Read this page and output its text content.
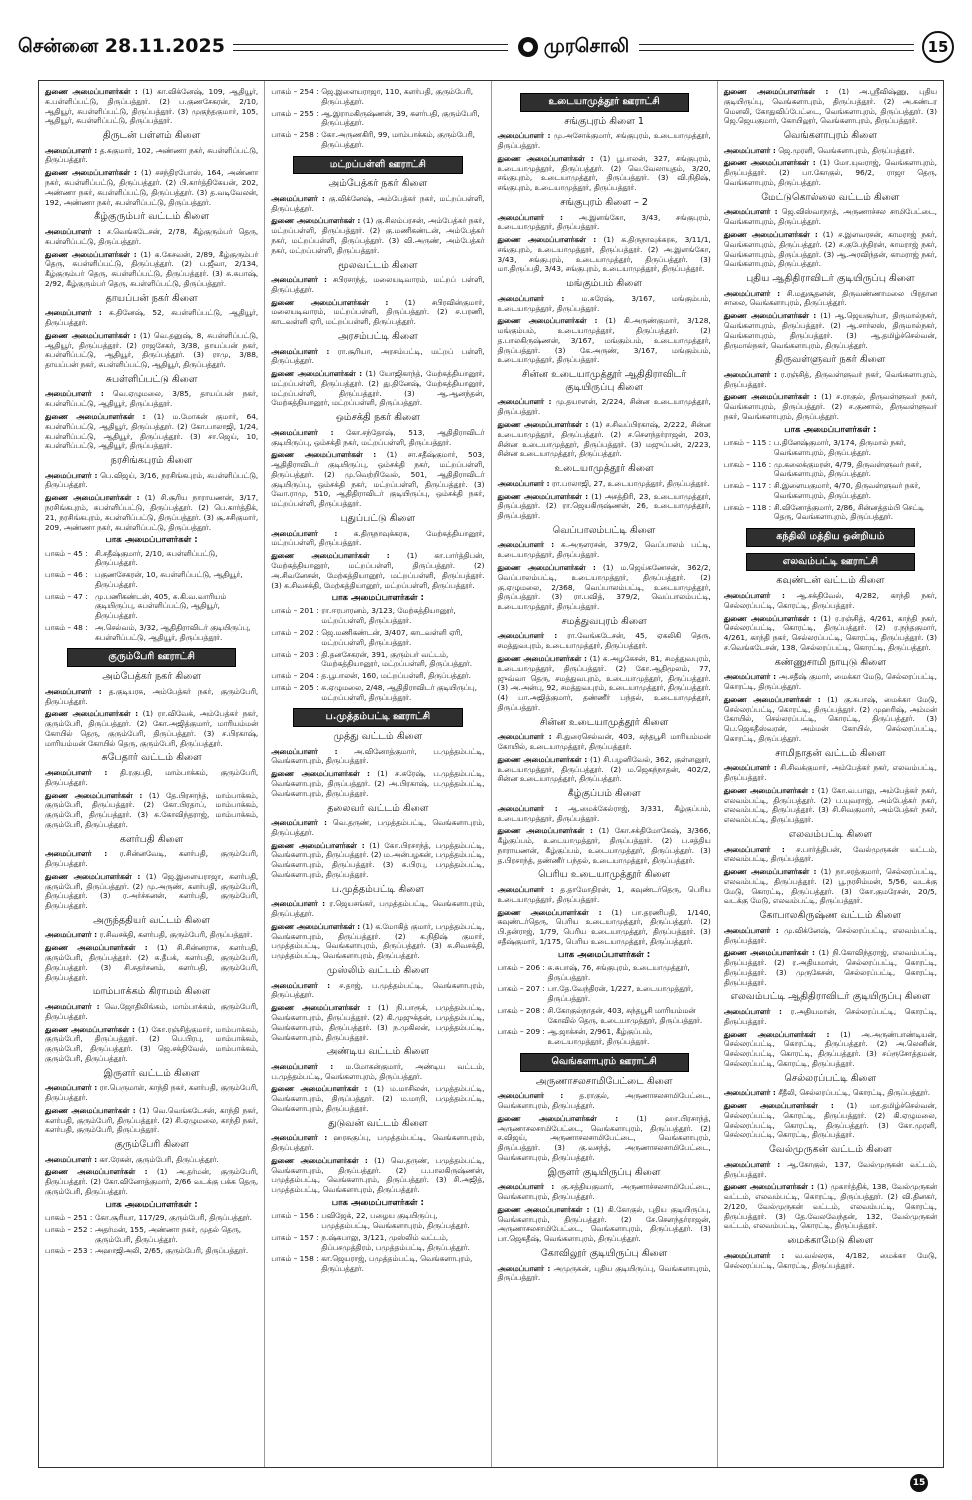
சென்னை 28.11.2025	முரசொலி	15
துணை அமைப்பாளர்கள் : (1) கா.விக்னேஷ், 109, ஆதியூர், சு.பள்ளிப்பட்டு, திருப்பத்தூர். (2) ப.குணசேகரன், 2/10, ஆதியூர், சுபள்ளிப்பட்டு, திருப்பத்தூர். (3) முகுந்தகுமார், 105, ஆதியூர், சுபள்ளிப்பட்டு, திருப்பத்தூர்.
திருடன் பள்ளம் கிளை
அமைப்பாளர் : த.சுகுமார், 102, அண்ணா நகர், சுபள்ளிப்பட்டு, திருப்பத்தூர்.
துணை அமைப்பாளர்கள் : (1) சசந்திரபோஸ், 164, அண்ணா நகர், சுபள்ளிப்பட்டு, திருப்பத்தூர். (2) பி.கார்த்திகேயன், 202, அண்ணா நகர், சுபள்ளிப்பட்டு, திருப்பத்தூர். (3) த.வடிவேலன், 192, அண்ணா நகர், சுபள்ளிப்பட்டு, திருப்பத்தூர்.
கீழ்குரும்பர் வட்டம் கிளை
அமைப்பாளர் : ச.வெங்கடேசன், 2/78, கீழ்குரும்பர் தெரு, சுபள்ளிப்பட்டு, திருப்பத்தூர்.
துணை அமைப்பாளர்கள் : (1) க.கேசவன், 2/89, கீழ்குரும்பர் தெரு, சுபள்ளிப்பட்டு, திருப்பத்தூர். (2) ப.ஜீவா, 2/134, கீழ்குரும்பர் தெரு, சுபள்ளிப்பட்டு, திருப்பத்தூர். (3) சு.சுபாஷ், 2/92, கீழ்குரும்பர் தெரு, சுபள்ளிப்பட்டு, திருப்பத்தூர்.
தாயப்பன் நகர் கிளை
அமைப்பாளர் : சு.தினேஷ், 52, சுபள்ளிப்பட்டு, ஆதியூர், திருப்பத்தூர்.
துணை அமைப்பாளர்கள் : (1) வெ.தனுஷ், 8, சுபள்ளிப்பட்டு, ஆதியூர், திருப்பத்தூர். (2) ராஜசேகர், 3/38, தாயப்பன் நகர், சுபள்ளிப்பட்டு, ஆதியூர், திருப்பத்தூர். (3) ராமு, 3/88, தாயப்பன் நகர், சுபள்ளிப்பட்டு, ஆதியூர், திருப்பத்தூர்.
சுபள்ளிப்பட்டு கிளை
அமைப்பாளர் : வெ.ஏழுமலை, 3/85, தாயப்பன் நகர், சுபள்ளிப்பட்டு, ஆதியூர், திருப்பத்தூர்.
துணை அமைப்பாளர்கள் : (1) ம.மோகன் குமார், 64, சுபள்ளிப்பட்டு, ஆதியூர், திருப்பத்தூர். (2) கோ.பாலாஜி, 1/24, சுபள்ளிப்பட்டு, ஆதியூர், திருப்பத்தூர். (3) சா.ஜெய், 10, சுபள்ளிப்பட்டு, ஆதியூர், திருப்பத்தூர்.
நரசிங்கபுரம் கிளை
அமைப்பாளர் : பெ.விஜய், 3/16, நரசிங்கபுரம், சுபள்ளிப்பட்டு, திருப்பத்தூர்.
துணை அமைப்பாளர்கள் : (1) சி.சூரிய நாராயணன், 3/17, நரசிங்கபுரம், சுபள்ளிப்பட்டு, திருப்பத்தூர். (2) பெ.கார்த்திக், 21, நரசிங்கபுரம், சுபள்ளிப்பட்டு, திருப்பத்தூர். (3) சூ.சசிகுமார், 209, அண்ணா நகர், சுபள்ளிப்பட்டு, திருப்பத்தூர்.
பாக அமைப்பாளர்கள் :
பாகம் – 45 : சி.சதீஷ்குமார், 2/10, சுபள்ளிப்பட்டு, திருப்பத்தூர்.
பாகம் – 46 : பகுணசேகரன், 10, சுபள்ளிப்பட்டு, ஆதியூர், திருப்பத்தூர்.
பாகம் – 47 : மு.பணிகண்டன், 405, சு.கி.வ.வாரியம் குடியிருப்பு, சுபள்ளிப்பட்டு, ஆதியூர், திருப்பத்தூர்.
பாகம் – 48 : அ.செல்வம், 3/32, ஆதிதிராவிடர் குடியிருப்பு, சுபள்ளிப்பட்டு, ஆதியூர், திருப்பத்தூர்.
குரும்பேரி ஊராட்சி
அம்பேத்கர் நகர் கிளை
அமைப்பாளர் : த.குடியரசு, அம்பேத்கர் நகர், குரும்பேரி, திருப்பத்தூர்.
துணை அமைப்பாளர்கள் : (1) ரா.விவேக், அம்பேத்கர் நகர், குரும்பேரி, திருப்பத்தூர். (2) கோ.அஜித்குமார், மாரியம்மன் கோயில் தெரு, குரும்பேரி, திருப்பத்தூர். (3) ச.பிரகாஷ், மாரியம்மன் கோயில் தெரு, குரும்பேரி, திருப்பத்தூர்.
சுபேதார் வட்டம் கிளை
அமைப்பாளர் : தி.ரகுபதி, மாம்பாக்கம், குரும்பேரி, திருப்பத்தூர்.
துணை அமைப்பாளர்கள் : (1) தே.பிரசாந்த், மாம்பாக்கம், குரும்பேரி, திருப்பத்தூர். (2) கோ.பிரதாப், மாம்பாக்கம், குரும்பேரி, திருப்பத்தூர். (3) சு.கோவிந்தராஜ், மாம்பாக்கம், குரும்பேரி, திருப்பத்தூர்.
களர்பதி கிளை
அமைப்பாளர் : ர.சின்னவேடி, களர்பதி, குரும்பேரி, திருப்பத்தூர்.
துணை அமைப்பாளர்கள் : (1) ஜெ.இளையராஜா, களர்பதி, குரும்பேரி, திருப்பத்தூர். (2) மு.அருண், களர்பதி, குரும்பேரி, திருப்பத்தூர். (3) ர.அர்ச்சுனன், களர்பதி, குரும்பேரி, திருப்பத்தூர்.
அருந்ததியர் வட்டம் கிளை
அமைப்பாளர் : ர.சிவசக்தி, களர்பதி, குரும்பேரி, திருப்பத்தூர்.
துணை அமைப்பாளர்கள் : (1) சி.சின்னராசு, களர்பதி, குரும்பேரி, திருப்பத்தூர். (2) க.தீபக், களர்பதி, குரும்பேரி, திருப்பத்தூர். (3) சி.சுதர்சனம், களர்பதி, குரும்பேரி, திருப்பத்தூர்.
மாம்பாக்கம் கிராமம் கிளை
அமைப்பாளர் : வெ.ஜோதிலிங்கம், மாம்பாக்கம், குரும்பேரி, திருப்பத்தூர்.
துணை அமைப்பாளர்கள் : (1) கோ.ரஞ்சித்குமார், மாம்பாக்கம், குரும்பேரி, திருப்பத்தூர். (2) பெ.பிரபு, மாம்பாக்கம், குரும்பேரி, திருப்பத்தூர். (3) ஜெ.சக்திவேல், மாம்பாக்கம், குரும்பேரி, திருப்பத்தூர்.
இருளர் வட்டம் கிளை
அமைப்பாளர் : ரா.பெருமாள், காந்தி நகர், களர்பதி, குரும்பேரி, திருப்பத்தூர்.
துணை அமைப்பாளர்கள் : (1) வெ.வெங்கடேசன், காந்தி நகர், களர்பதி, குரும்பேரி, திருப்பத்தூர். (2) சி.ஏழுமலை, காந்தி நகர், களர்பதி, குரும்பேரி, திருப்பத்தூர்.
குரும்பேரி கிளை
அமைப்பாளர் : கா.ரேகன், குரும்பேரி, திருப்பத்தூர்.
துணை அமைப்பாளர்கள் : (1) அ.தர்மன், குரும்பேரி, திருப்பத்தூர். (2) கோ.வினோத்குமார், 2/66 வடக்கு பக்க தெரு, குரும்பேரி, திருப்பத்தூர்.
பாக அமைப்பாளர்கள் :
பாகம் – 251 : கோ.சூரியா, 117/29, குரும்பேரி, திருப்பத்தூர்.
பாகம் – 252 : அதர்மன், 155, அண்ணா நகர், முதல் தெரு, குரும்பேரி, திருப்பத்தூர்.
பாகம் – 253 : அஹாஜிஅலி, 2/65, குரும்பேரி, திருப்பத்தூர்.
பாகம் – 254 : ஜெ.இளையராஜா, 110, களர்பதி, குரும்பேரி, திருப்பத்தூர்.
பாகம் – 255 : ஆ.இராமகிருஷ்ணன், 39, களர்பதி, குரும்பேரி, திருப்பத்தூர்.
பாகம் – 258 : கோ.அருணகிரி, 99, மாம்பாக்கம், குரும்பேரி, திருப்பத்தூர்.
மட்றப்பள்ளி ஊராட்சி
அம்பேத்கர் நகர் கிளை
அமைப்பாளர் : கு.விக்னேஷ், அம்பேத்கர் நகர், மட்றப்பள்ளி, திருப்பத்தூர்.
துணை அமைப்பாளர்கள் : (1) கு.சிலம்பரசன், அம்பேத்கர் நகர், மட்றப்பள்ளி, திருப்பத்தூர். (2) கு.மணிகண்டன், அம்பேத்கர் நகர், மட்றப்பள்ளி, திருப்பத்தூர். (3) வி.அருண், அம்பேத்கர் நகர், மட்றப்பள்ளி, திருப்பத்தூர்.
மூலவட்டம் கிளை
அமைப்பாளர் : சபிரசாந்த், மலையடிவாரம், மட்றப் பள்ளி, திருப்பத்தூர்.
துணை அமைப்பாளர்கள் : (1) சபிரவின்குமார், மலையடிவாரம், மட்றப்பள்ளி, திருப்பத்தூர். (2) ச.பரணி, காடவள்ளி ஏரி, மட்றப்பள்ளி, திருப்பத்தூர்.
அரசம்பட்டி கிளை
அமைப்பாளர் : ரா.சூரியா, அரசம்பட்டி, மட்றப் பள்ளி, திருப்பத்தூர்.
துணை அமைப்பாளர்கள் : (1) யோஜிகாந்த், மேற்கத்தியானூர், மட்றப்பள்ளி, திருப்பத்தூர். (2) து.தினேஷ், மேற்கத்தியானூர், மட்றப்பள்ளி, திருப்பத்தூர். (3) ஆ.ஆனந்தன், மேற்கத்தியானூர், மட்றப்பள்ளி, திருப்பத்தூர்.
ஒம்சக்தி நகர் கிளை
அமைப்பாளர் : கோ.சந்தோஷ், 513, ஆதிதிராவிடர் குடியிருப்பு, ஒம்சக்தி நகர், மட்றப்பள்ளி, திருப்பத்தூர்.
துணை அமைப்பாளர்கள் : (1) சா.சதீஷ்குமார், 503, ஆதிதிராவிடர் குடியிருப்பு, ஒம்சக்தி நகர், மட்றப்பள்ளி, திருப்பத்தூர். (2) மு.வெற்றிவேல், 501, ஆதிதிராவிடர் குடியிருப்பு, ஒம்சக்தி நகர், மட்றப்பள்ளி, திருப்பத்தூர். (3) வோ.ராமு, 510, ஆதிதிராவிடர் குடியிருப்பு, ஒம்சக்தி நகர், மட்றப்பள்ளி, திருப்பத்தூர்.
புதுப்பட்டு கிளை
அமைப்பாளர் : க.திருநாவுக்கரசு, மேற்கத்தியானூர், மட்றப்பள்ளி, திருப்பத்தூர்.
துணை அமைப்பாளர்கள் : (1) கா.பார்த்திபன், மேற்கத்தியானூர், மட்றப்பள்ளி, திருப்பத்தூர். (2) அ.சிவனேசன், மேற்கத்தியானூர், மட்றப்பள்ளி, திருப்பத்தூர். (3) சு.சிவசக்தி, மேற்கத்தியானூர், மட்றப்பள்ளி, திருப்பத்தூர்.
பாக அமைப்பாளர்கள் :
பாகம் – 201 : ரா.ஈரபாரனம், 3/123, மேற்கத்தியானூர், மட்றப்பள்ளி, திருப்பத்தூர்.
பாகம் – 202 : ஜெ.மணிகண்டன், 3/407, காடவள்ளி ஏரி, மட்றப்பள்ளி, திருப்பத்தூர்.
பாகம் – 203 : தி.தனசேகரன், 391, குரும்பர் வட்டம், மேற்கத்தியானூர், மட்றப்பள்ளி, திருப்பத்தூர்.
பாகம் – 204 : த.பூபாலன், 160, மட்றப்பள்ளி, திருப்பத்தூர்.
பாகம் – 205 : சு.ஏழுமலை, 2/48, ஆதிதிராவிடர் குடியிருப்பு, மட்றப்பள்ளி, திருப்பத்தூர்.
ப.முத்தம்பட்டி ஊராட்சி
முத்து வட்டம் கிளை
அமைப்பாளர் : அ.வினோத்குமார், ப.முத்தம்பட்டி, வெங்களாபுரம், திருப்பத்தூர்.
துணை அமைப்பாளர்கள் : (1) ச.சுரேஷ், ப.முத்தம்பட்டி, வெங்களாபுரம், திருப்பத்தூர். (2) அ.பிரகாஷ், ப.முத்தம்பட்டி, வெங்களாபுரம், திருப்பத்தூர்.
தலைவர் வட்டம் கிளை
அமைப்பாளர் : வெ.தருண், பமுத்தம்பட்டி, வெங்களாபுரம், திருப்பத்தூர்.
துணை அமைப்பாளர்கள் : (1) கோ.பிரசாந்த், பமுத்தம்பட்டி, வெங்களாபுரம், திருப்பத்தூர். (2) ம.அன்பழகன், பமுத்தம்பட்டி, வெங்களாபுரம், திருப்பத்தூர். (3) சு.பிரபு, பமுத்தம்பட்டி, வெங்களாபுரம், திருப்பத்தூர்.
ப.முத்தம்பட்டி கிளை
அமைப்பாளர் : ர.ஜெயசங்கர், பமுத்தம்பட்டி, வெங்களாபுரம், திருப்பத்தூர்.
துணை அமைப்பாளர்கள் : (1) க.மோகித் குமார், பமுத்தம்பட்டி, வெங்களாபுரம், திருப்பத்தூர். (2) க.நிதிஷ் குமார், பமுத்தம்பட்டி, வெங்களாபுரம், திருப்பத்தூர். (3) சு.சிவசக்தி, பமுத்தம்பட்டி, வெங்களாபுரம், திருப்பத்தூர்.
முஸ்லிம் வட்டம் கிளை
அமைப்பாளர் : ச.தாஜ், ப.முத்தம்பட்டி, வெங்களாபுரம், திருப்பத்தூர்.
துணை அமைப்பாளர்கள் : (1) நி.பாரூக், பமுத்தம்பட்டி, வெங்களாபுரம், திருப்பத்தூர். (2) கி.முஜுக்தன், பமுத்தம்பட்டி, வெங்களாபுரம், திருப்பத்தூர். (3) ந.முகிலன், பமுத்தம்பட்டி, வெங்களாபுரம், திருப்பத்தூர்.
அண்டிய வட்டம் கிளை
அமைப்பாளர் : ம.மோகன்குமார், அண்டிய வட்டம், ப.முத்தம்பட்டி, வெங்களாபுரம், திருப்பத்தூர்.
துணை அமைப்பாளர்கள் : (1) ம.மாசிலன், பமுத்தம்பட்டி, வெங்களாபுரம், திருப்பத்தூர். (2) ம.மாறி, பமுத்தம்பட்டி, வெங்களாபுரம், திருப்பத்தூர்.
துடுவன் வட்டம் கிளை
அமைப்பாளர் : ஹரசுகுப்பு, பமுத்தம்பட்டி, வெங்களாபுரம், திருப்பத்தூர்.
துணை அமைப்பாளர்கள் : (1) வெ.தருண், பமுத்தம்பட்டி, வெங்களாபுரம், திருப்பத்தூர். (2) ப.பாலகிருஷ்ணன், பமுத்தம்பட்டி, வெங்களாபுரம், திருப்பத்தூர். (3) சி.அஜித், பமுத்தம்பட்டி, வெங்களாபுரம், திருப்பத்தூர்.
பாக அமைப்பாளர்கள் :
பாகம் – 156 : பவிஜேக், 22, பழைய குடியிருப்பு, பமுத்தம்பட்டி, வெங்களாபுரம், திருப்பத்தூர்.
பாகம் – 157 : ந.ஷ்கபாலு, 3/121, முஸ்லிம் வட்டம், திப்பசமுத்திரம், பமுத்தம்பட்டி, திருப்பத்தூர்.
பாகம் – 158 : கா.ஜெயராஜ், பமுத்தம்பட்டி, வெங்களாபுரம், திருப்பத்தூர்.
உடையாமுத்தூர் ஊராட்சி
சங்குபுரம் கிளை 1
அமைப்பாளர் : மு.அசோக்குமார், சங்குபுரம், உடையாமுத்தூர், திருப்பத்தூர்.
துணை அமைப்பாளர்கள் : (1) பூபாலன், 327, சங்குபுரம், உடையாமுத்தூர், திருப்பத்தூர். (2) வெ.வேலாயுதம், 3/20, சங்குபுரம், உடையாமுத்தூர், திருப்பத்தூர். (3) வி.நிதிஷ், சங்குபுரம், உடையாமுத்தூர், திருப்பத்தூர்.
சங்குபுரம் கிளை – 2
அமைப்பாளர் : அ.இளங்கோ, 3/43, சங்குபுரம், உடையாமுத்தூர், திருப்பத்தூர்.
துணை அமைப்பாளர்கள் : (1) க.திருநாவுக்கரசு, 3/11/1, சங்குபுரம், உடையாமுத்தூர், திருப்பத்தூர். (2) அ.இளங்கோ, 3/43, சங்குபுரம், உடையாமுத்தூர், திருப்பத்தூர். (3) மா.திருப்பதி, 3/43, சங்குபுரம், உடையாமுத்தூர், திருப்பத்தூர்.
மங்கும்பம் கிளை
அமைப்பாளர் : ம.சுரேஷ், 3/167, மங்கும்பம், உடையாமுத்தூர், திருப்பத்தூர்.
துணை அமைப்பாளர்கள் : (1) கி.அருண்குமார், 3/128, மங்கும்பம், உடையாமுத்தூர், திருப்பத்தூர். (2) த.பாலகிருஷ்ணன், 3/167, மங்கும்பம், உடையாமுத்தூர், திருப்பத்தூர். (3) கே.அருண், 3/167, மங்கும்பம், உடையாமுத்தூர், திருப்பத்தூர்.
சின்ன உடையாமுத்தூர் ஆதிதிராவிடர் குடியிருப்பு கிளை
அமைப்பாளர் : மு.தயாளன், 2/224, சின்ன உடையாமுத்தூர், திருப்பத்தூர்.
துணை அமைப்பாளர்கள் : (1) ச.சிவப்பிரகாஷ், 2/222, சின்ன உடையாமுத்தூர், திருப்பத்தூர். (2) ச.சௌந்தர்ராஜன், 203, சின்ன உடையாமுத்தூர், திருப்பத்தூர். (3) மஜுப்பன், 2/223, சின்ன உடையாமுத்தூர், திருப்பத்தூர்.
உடையாமுத்தூர் கிளை
அமைப்பாளர் : ரா.பாலாஜி, 27, உடையாமுத்தூர், திருப்பத்தூர்.
துணை அமைப்பாளர்கள் : (1) அசத்திரி, 23, உடையாமுத்தூர், திருப்பத்தூர். (2) ரா.ஜெயகிருஷ்ணன், 26, உடையாமுத்தூர், திருப்பத்தூர்.
வெப்பாலம்பட்டி கிளை
அமைப்பாளர் : சு.அருளரசன், 379/2, வெப்பாலம் பட்டி, உடையாமுத்தூர், திருப்பத்தூர்.
துணை அமைப்பாளர்கள் : (1) ம.ஜெய்கணேசன், 362/2, வெப்பாலம்பட்டி, உடையாமுத்தூர், திருப்பத்தூர். (2) கு.ஏழுமலை, 2/368, வெப்பாலம்பட்டி, உடையாமுத்தூர், திருப்பத்தூர். (3) ரா.பவித், 379/2, வெப்பாலம்பட்டி, உடையாமுத்தூர், திருப்பத்தூர்.
சமத்துவபுரம் கிளை
அமைப்பாளர் : ரா.வேங்கடேசன், 45, ஏகலிகி தெரு, சமத்துவபுரம், உடையாமுத்தூர், திருப்பத்தூர்.
துணை அமைப்பாளர்கள் : (1) சு.அழகேசன், 81, சமத்துவபுரம், உடையாமுத்தூர், திருப்பத்தூர். (2) கோ.ஆதிமூலம், 77, ஜுவ்வா தெரு, சமத்துவபுரம், உடையாமுத்தூர், திருப்பத்தூர். (3) அ.அன்பு, 92, சமத்துவபுரம், உடையாமுத்தூர், திருப்பத்தூர். (4) பா.அஜித்குமார், தண்ணீர் பந்தல், உடையாமுத்தூர், திருப்பத்தூர்.
சின்ன உடையாமுத்தூர் கிளை
அமைப்பாளர் : சி.துரைசெல்வன், 403, சுந்தபூசி மாரியம்மன் கோயில், உடையாமுத்தூர், திருப்பத்தூர்.
துணை அமைப்பாளர்கள் : (1) சி.பழனிவேல், 362, குள்ளனூர், உடையாமுத்தூர், திருப்பத்தூர். (2) ம.ஜெகந்நாதன், 402/2, சின்ன உடையாமுத்தூர், திருப்பத்தூர்.
கீழ்குப்பம் கிளை
அமைப்பாளர் : ஆ.மைக்கேல்ராஜ், 3/331, கீழ்குப்பம், உடையாமுத்தூர், திருப்பத்தூர்.
துணை அமைப்பாளர்கள் : (1) கோ.சக்திமோகேஷ், 3/366, கீழ்குப்பம், உடையாமுத்தூர், திருப்பத்தூர். (2) ப.சத்திய நாராயணன், கீழ்குப்பம், உடையாமுத்தூர், திருப்பத்தூர். (3) த.பிரசாந்த், தண்ணீர் பந்தல், உடையாமுத்தூர், திருப்பத்தூர்.
பெரிய உடையாமுத்தூர் கிளை
அமைப்பாளர் : த.தாமோதிரன், 1, கவுண்டர்தெரு, பெரிய உடையாமுத்தூர், திருப்பத்தூர்.
துணை அமைப்பாளர்கள் : (1) பா.தரணிபதி, 1/140, கவுண்டர்தெரு, பெரிய உடையாமுத்தூர், திருப்பத்தூர். (2) பி.தன்ராஜ், 1/79, பெரிய உடையாமுத்தூர், திருப்பத்தூர். (3) சதீஷ்குமார், 1/175, பெரிய உடையாமுத்தூர், திருப்பத்தூர்.
பாக அமைப்பாளர்கள் :
பாகம் – 206 : சு.சுபாஷ், 76, சங்குபுரம், உடையாமுத்தூர், திருப்பத்தூர்.
பாகம் – 207 : பா.தே.வேந்திரன், 1/227, உடையாமுத்தூர், திருப்பத்தூர்.
பாகம் – 208 : சி.கோகுல்நாதன், 403, சுந்தபூசி மாரியம்மன் கோவில் தெரு, உடையாமுத்தூர், திருப்பத்தூர்.
பாகம் – 209 : ஆ.ஜாக்சன், 2/961, கீழ்குப்பம், உடையாமுத்தூர், திருப்பத்தூர்.
வெங்களாபுரம் ஊராட்சி
அருணாசலசாமிபேட்டை கிளை
அமைப்பாளர் : த.ராகுல், அருணாசலசாமிபேட்டை, வெங்களாபுரம், திருப்பத்தூர்.
துணை அமைப்பாளர்கள் : (1) ஹா.பிரசாந்த், அருணாசலசாமிபேட்டை, வெங்களாபுரம், திருப்பத்தூர். (2) ச.விஜய், அருணாசலசாமிபேட்டை, வெங்களாபுரம், திருப்பத்தூர். (3) கு.வசந்த், அருணாசலசாமிபேட்டை, வெங்களாபுரம், திருப்பத்தூர்.
இருளர் குடியிருப்பு கிளை
அமைப்பாளர் : கு.சத்தியகுமார், அருணாச்சலசாமிபேட்டை, வெங்களாபுரம், திருப்பத்தூர்.
துணை அமைப்பாளர்கள் : (1) கி.கோகுல், புதிய குடியிருப்பு, வெங்களாபுரம், திருப்பத்தூர். (2) சே.சௌந்தர்ராஜன், அருணாசலசாமிபேட்டை, வெங்களாபுரம், திருப்பத்தூர். (3) பா.ஜெகதீஷ், வெங்களாபுரம், திருப்பத்தூர்.
கோவிலூர் குடியிருப்பு கிளை
அமைப்பாளர் : அமுருகன், புதிய குடியிருப்பு, வெங்களாபுரம், திருப்பத்தூர்.
துணை அமைப்பாளர்கள் : (1) அ.ஸ்ரீவிஷ்ணு, புதிய குடியிருப்பு, வெங்களாபுரம், திருப்பத்தூர். (2) அ.கண்டர மௌலி, கோதுவிப்பேட்டை, வெங்களாபுரம், திருப்பத்தூர். (3) ஜெ.ஜெயகுமார், கோயிலூர், வெங்களாபுரம், திருப்பத்தூர்.
வெங்களாபுரம் கிளை
அமைப்பாளர் : ஜெ.முரளி, வெங்களாபுரம், திருப்பத்தூர்.
துணை அமைப்பாளர்கள் : (1) மோ.யுவராஜ், வெங்களாபுரம், திருப்பத்தூர். (2) பா.கோகுல், 96/2, ராஜா தெரு, வெங்களாபுரம், திருப்பத்தூர்.
மேட்டுகொல்லை வட்டம் கிளை
அமைப்பாளர் : ஜெ.விஸ்வாநாத், அருணாச்சல சாமிபேட்டை, வெங்களாபுரம், திருப்பத்தூர்.
துணை அமைப்பாளர்கள் : (1) ச.இளவரசன், காமராஜ் நகர், வெங்களாபுரம், திருப்பத்தூர். (2) ச.குபேந்திரன், காமராஜ் நகர், வெங்களாபுரம், திருப்பத்தூர். (3) ஆ.அரவிந்தன், காமராஜ் நகர், வெங்களாபுரம், திருப்பத்தூர்.
புதிய ஆதிதிராவிடர் குடியிருப்பு கிளை
அமைப்பாளர் : சி.மதுசூதனன், திருவண்ணாமலை பிரதான சாலை, வெங்களாபுரம், திருப்பத்தூர்.
துணை அமைப்பாளர்கள் : (1) ஆ.ஜெயசூர்யா, திருமால்நகர், வெங்களாபுரம், திருப்பத்தூர். (2) ஆ.சார்லஸ், திருமால்நகர், வெங்களாபுரம், திருப்பத்தூர். (3) ஆ.தமிழ்ச்செல்வன், திருமால்நகர், வெங்களாபுரம், திருப்பத்தூர்.
திருவள்ளுவர் நகர் கிளை
அமைப்பாளர் : ர.ரஞ்சித், திருவள்ளுவர் நகர், வெங்களாபுரம், திருப்பத்தூர்.
துணை அமைப்பாளர்கள் : (1) ச.ராகுல், திருவள்ளுவர் நகர், வெங்களாபுரம், திருப்பத்தூர். (2) ச.குணால், திருவள்ளுவர் நகர், வெங்களாபுரம், திருப்பத்தூர்.
பாக அமைப்பாளர்கள் :
பாகம் – 115 : ப.தினேஷ்குமார், 3/174, திருமால் நகர், வெங்களாபுரம், திருப்பத்தூர்.
பாகம் – 116 : மு.கலைக்குமரன், 4/79, திருவள்ளுவர் நகர், வெங்களாபுரம், திருப்பத்தூர்.
பாகம் – 117 : சி.இளையகுமார், 4/70, திருவள்ளுவர் நகர், வெங்களாபுரம், திருப்பத்தூர்.
பாகம் – 118 : சி.வினோத்குமார், 2/86, சின்னத்தம்பி செட்டி தெரு, வெங்களாபுரம், திருப்பத்தூர்.
கந்திலி மத்திய ஒன்றியம்
எலவம்பட்டி ஊராட்சி
கவுண்டன் வட்டம் கிளை
அமைப்பாளர் : ஆ.சக்திவேல், 4/282, காந்தி நகர், செல்லரப்பட்டி, கொரட்டி, திருப்பத்தூர்.
துணை அமைப்பாளர்கள் : (1) ர.ரஞ்சித், 4/261, காந்தி நகர், செல்லரப்பட்டி, கொரட்டி, திருப்பத்தூர். (2) ர.நந்தகுமார், 4/261, காந்தி நகர், செல்லரப்பட்டி, கொரட்டி, திருப்பத்தூர். (3) ச.வெங்கடேசன், 138, செல்லரப்பட்டி, கொரட்டி, திருப்பத்தூர்.
கண்ணுசாமி நாயுடு கிளை
அமைப்பாளர் : அ.சதீஷ் குமார், மைக்கா மேடு, செல்லரப்பட்டி, கொரட்டி, திருப்பத்தூர்.
துணை அமைப்பாளர்கள் : (1) கு.சுபாஷ், மைக்கா மேடு, செல்லரப்பட்டி, கொரட்டி, திருப்பத்தூர். (2) முஹரிஷ், அம்மன் கோயில், செல்லரப்பட்டி, கொரட்டி, திருப்பத்தூர். (3) பெ.ஜெகதீஸ்வரன், அம்மன் கோயில், செல்லரப்பட்டி, கொரட்டி, திருப்பத்தூர்.
சாமிநாதன் வட்டம் கிளை
அமைப்பாளர் : சி.சிவக்குமார், அம்பேத்கர் நகர், எலவம்பட்டி, திருப்பத்தூர்.
துணை அமைப்பாளர்கள் : (1) கோ.வ.பாலு, அம்பேத்கர் நகர், எலவம்பட்டி, திருப்பத்தூர். (2) ப.யுவராஜ், அம்பேத்கர் நகர், எலவம்பட்டி, திருப்பத்தூர். (3) சி.சிவகுமார், அம்பேத்கர் நகர், எலவம்பட்டி, திருப்பத்தூர்.
எலவம்பட்டி கிளை
அமைப்பாளர் : ச.பார்த்திபன், வேல்முருகன் வட்டம், எலவம்பட்டி, திருப்பத்தூர்.
துணை அமைப்பாளர்கள் : (1) நா.சரத்குமார், செல்லரப்பட்டி, எலவம்பட்டி, திருப்பத்தூர். (2) பூ.நரசிம்மன், 5/56, வடக்கு மேடு, கொரட்டி, திருப்பத்தூர். (3) கோ.குமரேசன், 20/5, வடக்கு மேடு, எலவம்பட்டி, திருப்பத்தூர்.
கோபாலகிருஷ்ண வட்டம் கிளை
அமைப்பாளர் : மு.விக்னேஷ், செல்லரப்பட்டி, எலவம்பட்டி, திருப்பத்தூர்.
துணை அமைப்பாளர்கள் : (1) நி.கோவிந்தராஜ், எலவம்பட்டி, திருப்பத்தூர். (2) ர.அதியமான், செல்லரப்பட்டி, கொரட்டி, திருப்பத்தூர். (3) முருகேசன், செல்லரப்பட்டி, கொரட்டி, திருப்பத்தூர்.
எலவம்பட்டி ஆதிதிராவிடர் குடியிருப்பு கிளை
அமைப்பாளர் : ர.அதியமான், செல்லரப்பட்டி, கொரட்டி, திருப்பத்தூர்.
துணை அமைப்பாளர்கள் : (1) அ.அருண்பாண்டியன், செல்லரப்பட்டி, கொரட்டி, திருப்பத்தூர். (2) அ.லெனின், செல்லரப்பட்டி, கொரட்டி, திருப்பத்தூர். (3) சப்ரூசோத்தமன், செல்லரப்பட்டி, கொரட்டி, திருப்பத்தூர்.
செல்லரப்பட்டி கிளை
அமைப்பாளர் : சீதீலி, செல்லரப்பட்டி, கொரட்டி, திருப்பத்தூர்.
துணை அமைப்பாளர்கள் : (1) மா.தமிழ்ச்செல்வன், செல்லரப்பட்டி, கொரட்டி, திருப்பத்தூர். (2) கி.ஏழுமலை, செல்லரப்பட்டி, கொரட்டி, திருப்பத்தூர். (3) கோ.முரளி, செல்லரப்பட்டி, கொரட்டி, திருப்பத்தூர்.
வேல்முருகன் வட்டம் கிளை
அமைப்பாளர் : ஆ.கோகுல், 137, வேல்முருகன் வட்டம், திருப்பத்தூர்.
துணை அமைப்பாளர்கள் : (1) முகார்த்திக், 138, வேல்முருகன் வட்டம், எலவம்பட்டி, கொரட்டி, திருப்பத்தூர். (2) வி.தினகர், 2/120, வேல்முருகன் வட்டம், எலவம்பட்டி, கொரட்டி, திருப்பத்தூர். (3) தே.வேலவேந்தன், 132, வேல்முருகன் வட்டம், எலவம்பட்டி, கொரட்டி, திருப்பத்தூர்.
மைக்காமேடு கிளை
அமைப்பாளர் : வ.வல்லரசு, 4/182, மைக்கா மேடு, செல்லரப்பட்டி, கொரட்டி, திருப்பத்தூர்.
15
